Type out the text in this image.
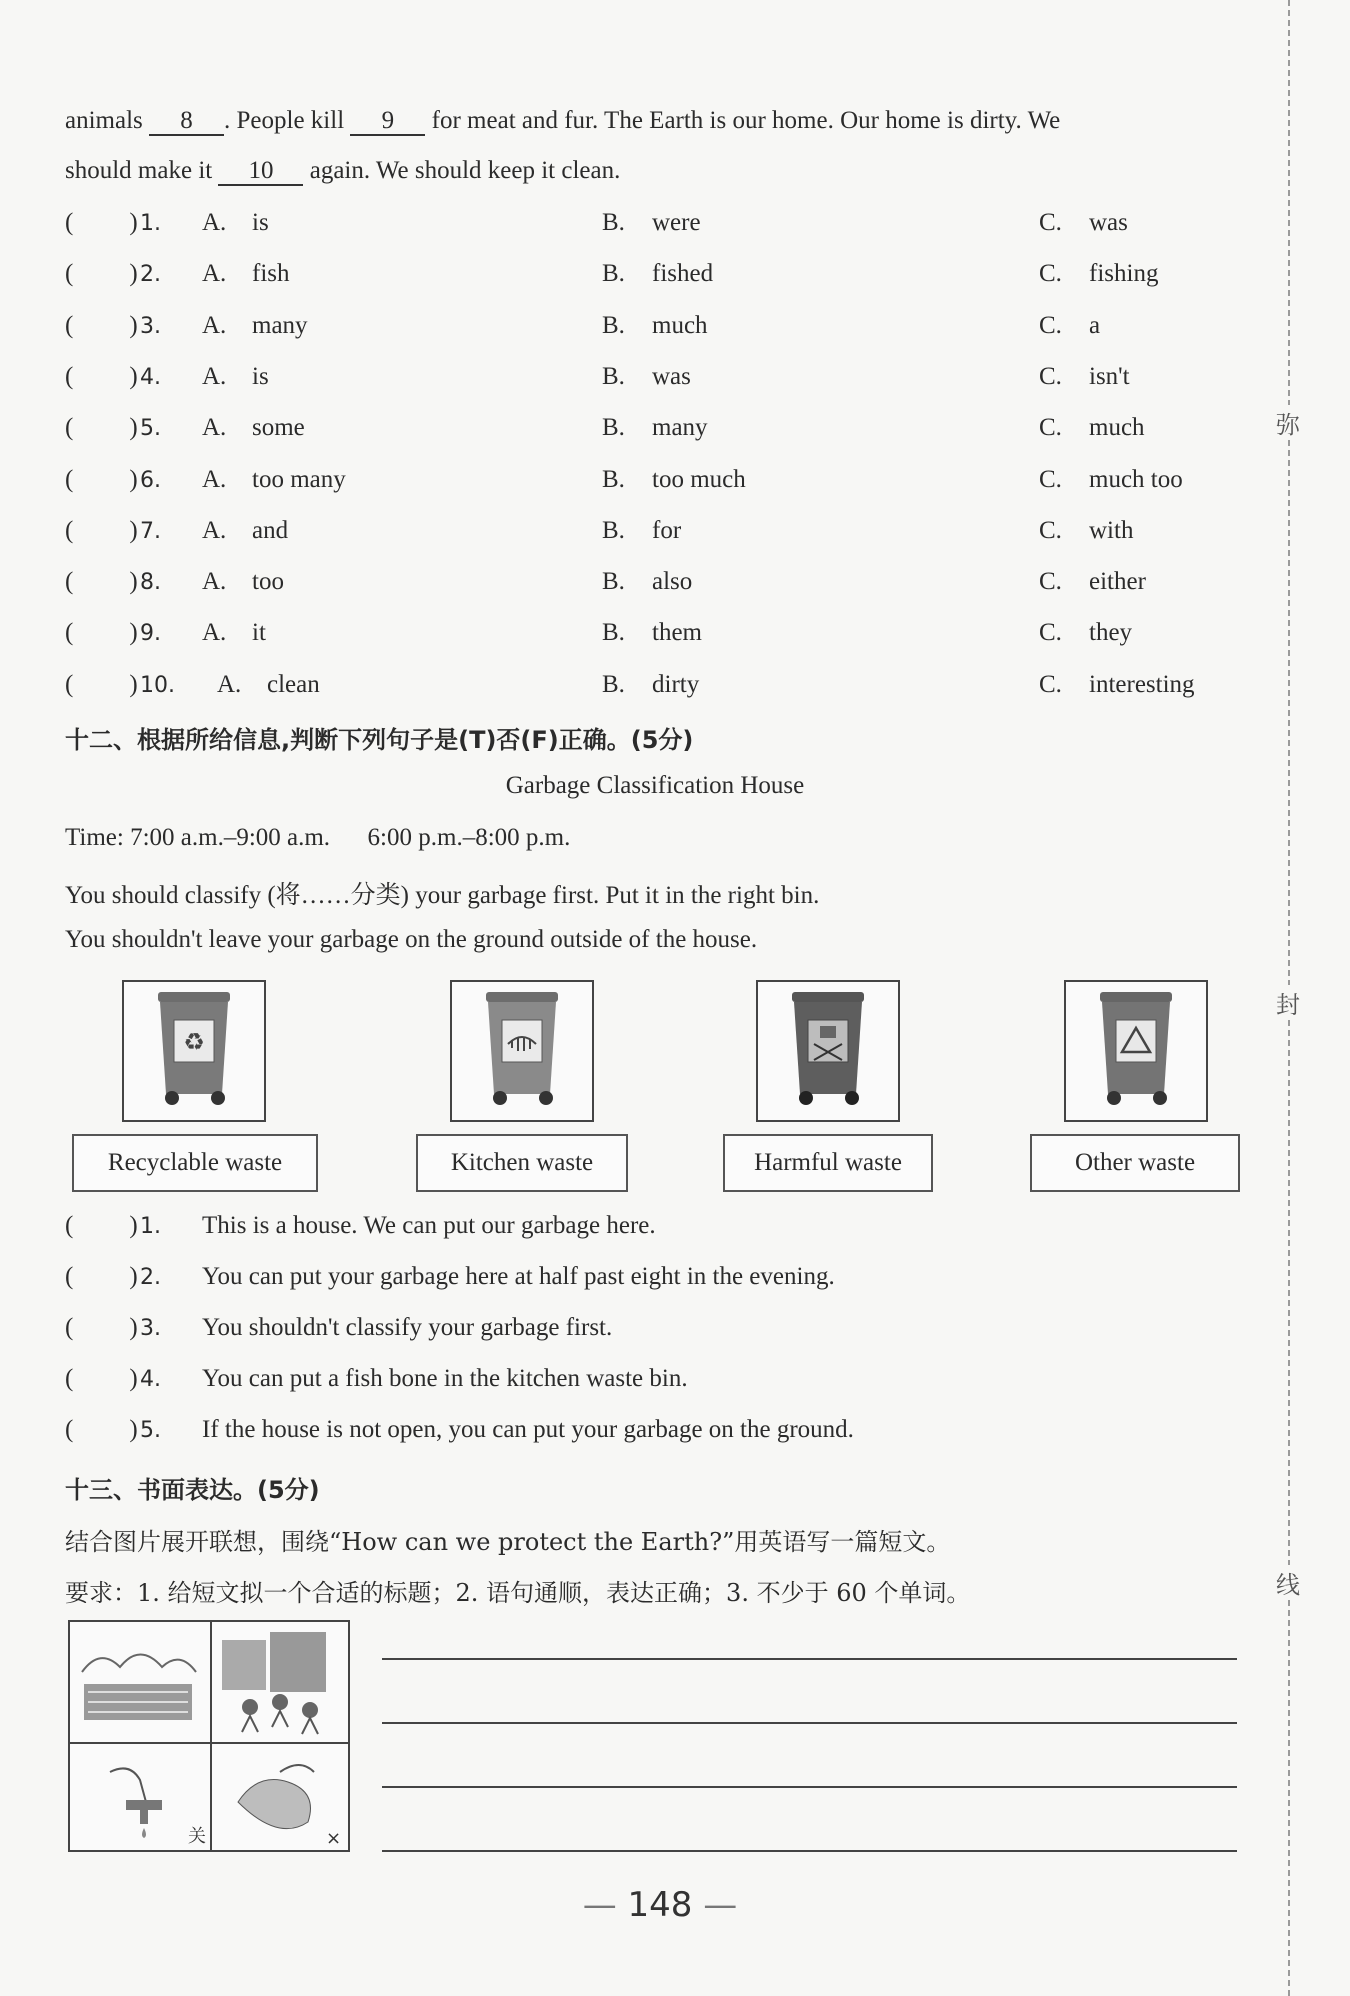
弥
封
线
animals 8 . People kill 9 for meat and fur. The Earth is our home. Our home is dirty. We
should make it 10 again. We should keep it clean.
( ) 1. A. is	B. were	C. was
( ) 2. A. fish	B. fished	C. fishing
( ) 3. A. many	B. much	C. a
( ) 4. A. is	B. was	C. isn't
( ) 5. A. some	B. many	C. much
( ) 6. A. too many	B. too much	C. much too
( ) 7. A. and	B. for	C. with
( ) 8. A. too	B. also	C. either
( ) 9. A. it	B. them	C. they
( ) 10. A. clean	B. dirty	C. interesting
十二、根据所给信息,判断下列句子是(T)否(F)正确。(5分)
Garbage Classification House
Time: 7:00 a.m.–9:00 a.m.      6:00 p.m.–8:00 p.m.
You should classify (将……分类) your garbage first. Put it in the right bin.
You shouldn't leave your garbage on the ground outside of the house.
♻
Recyclable waste	Kitchen waste	Harmful waste	Other waste
( ) 1. This is a house. We can put our garbage here.
( ) 2. You can put your garbage here at half past eight in the evening.
( ) 3. You shouldn't classify your garbage first.
( ) 4. You can put a fish bone in the kitchen waste bin.
( ) 5. If the house is not open, you can put your garbage on the ground.
十三、书面表达。(5分)
结合图片展开联想，围绕“How can we protect the Earth?”用英语写一篇短文。
要求：1. 给短文拟一个合适的标题；2. 语句通顺，表达正确；3. 不少于 60 个单词。
关	×
— 148 —
